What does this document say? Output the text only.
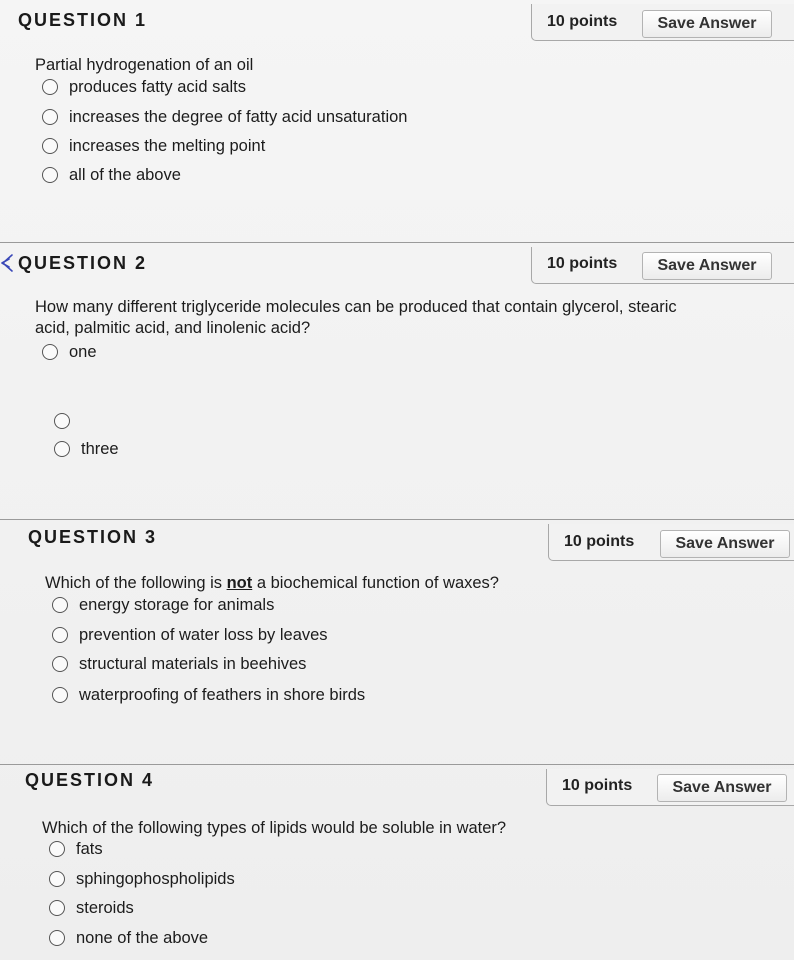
QUESTION 1	10 points	Save Answer
Partial hydrogenation of an oil
produces fatty acid salts
increases the degree of fatty acid unsaturation
increases the melting point
all of the above
QUESTION 2	10 points	Save Answer
How many different triglyceride molecules can be produced that contain glycerol, stearic
acid, palmitic acid, and linolenic acid?
one
three
QUESTION 3	10 points	Save Answer
Which of the following is not a biochemical function of waxes?
energy storage for animals
prevention of water loss by leaves
structural materials in beehives
waterproofing of feathers in shore birds
QUESTION 4	10 points	Save Answer
Which of the following types of lipids would be soluble in water?
fats
sphingophospholipids
steroids
none of the above
